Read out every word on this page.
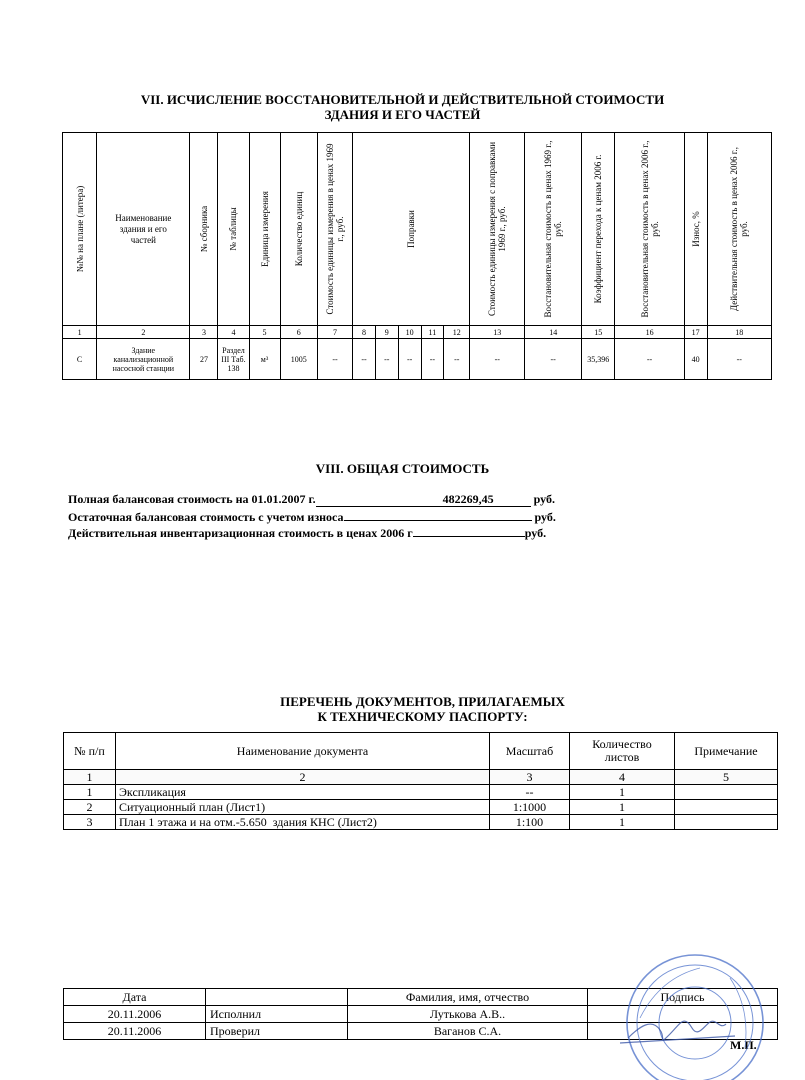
VII. ИСЧИСЛЕНИЕ ВОССТАНОВИТЕЛЬНОЙ И ДЕЙСТВИТЕЛЬНОЙ СТОИМОСТИ
ЗДАНИЯ И ЕГО ЧАСТЕЙ
№№ на плане (литера)	Наименование здания и его частей	№ сборника	№ таблицы	Единица измерения	Количество единиц	Стоимость единицы измерения в ценах 1969 г., руб.	Поправки					Стоимость единицы измерения с поправками 1969 г., руб.	Восстановительная стоимость в ценах 1969 г., руб.	Коэффициент перехода к ценам 2006 г.	Восстановительная стоимость в ценах 2006 г., руб.	Износ, %	Действительная стоимость в ценах 2006 г., руб.

1	2	3	4	5	6	7	8	9	10	11	12	13	14	15	16	17	18
С	Здание канализационной насосной станции	27	Раздел III Таб. 138	м³	1005	--	--	--	--	--	--	--	--	35,396	--	40	--
VIII. ОБЩАЯ СТОИМОСТЬ
Полная балансовая стоимость на 01.01.2007 г.	482269,45	руб.
Остаточная балансовая стоимость с учетом износа	руб.
Действительная инвентаризационная стоимость в ценах 2006 г	руб.
ПЕРЕЧЕНЬ ДОКУМЕНТОВ, ПРИЛАГАЕМЫХ
К ТЕХНИЧЕСКОМУ ПАСПОРТУ:
№ п/п	Наименование документа	Масштаб	Количество листов	Примечание
1	2	3	4	5
1	Экспликация	--	1	
2	Ситуационный план (Лист1)	1:1000	1	
3	План 1 этажа и на отм.-5.650  здания КНС (Лист2)	1:100	1	
Дата		Фамилия, имя, отчество	Подпись
20.11.2006	Исполнил	Лутькова А.В..	
20.11.2006	Проверил	Ваганов С.А.	
М.П.
